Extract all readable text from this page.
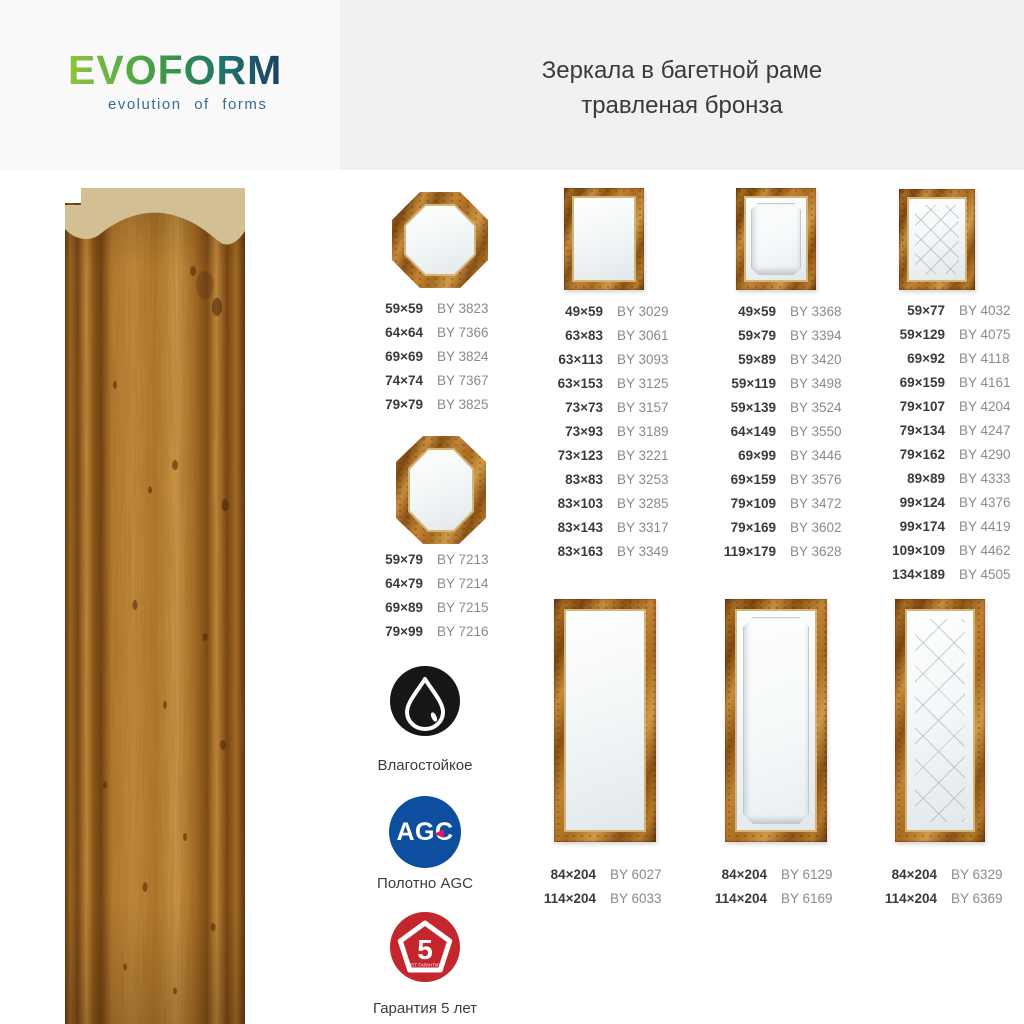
EVOFORM
evolution of forms
Зеркала в багетной раме
травленая бронза
59×59 BY 3823
64×64 BY 7366
69×69 BY 3824
74×74 BY 7367
79×79 BY 3825
59×79 BY 7213
64×79 BY 7214
69×89 BY 7215
79×99 BY 7216
Влагостойкое
AGC
Полотно AGC
5
ЛЕТ ГАРАНТИЯ
Гарантия 5 лет
49×59 BY 3029
63×83 BY 3061
63×113 BY 3093
63×153 BY 3125
73×73 BY 3157
73×93 BY 3189
73×123 BY 3221
83×83 BY 3253
83×103 BY 3285
83×143 BY 3317
83×163 BY 3349
49×59 BY 3368
59×79 BY 3394
59×89 BY 3420
59×119 BY 3498
59×139 BY 3524
64×149 BY 3550
69×99 BY 3446
69×159 BY 3576
79×109 BY 3472
79×169 BY 3602
119×179 BY 3628
59×77 BY 4032
59×129 BY 4075
69×92 BY 4118
69×159 BY 4161
79×107 BY 4204
79×134 BY 4247
79×162 BY 4290
89×89 BY 4333
99×124 BY 4376
99×174 BY 4419
109×109 BY 4462
134×189 BY 4505
84×204 BY 6027
114×204 BY 6033
84×204 BY 6129
114×204 BY 6169
84×204 BY 6329
114×204 BY 6369
